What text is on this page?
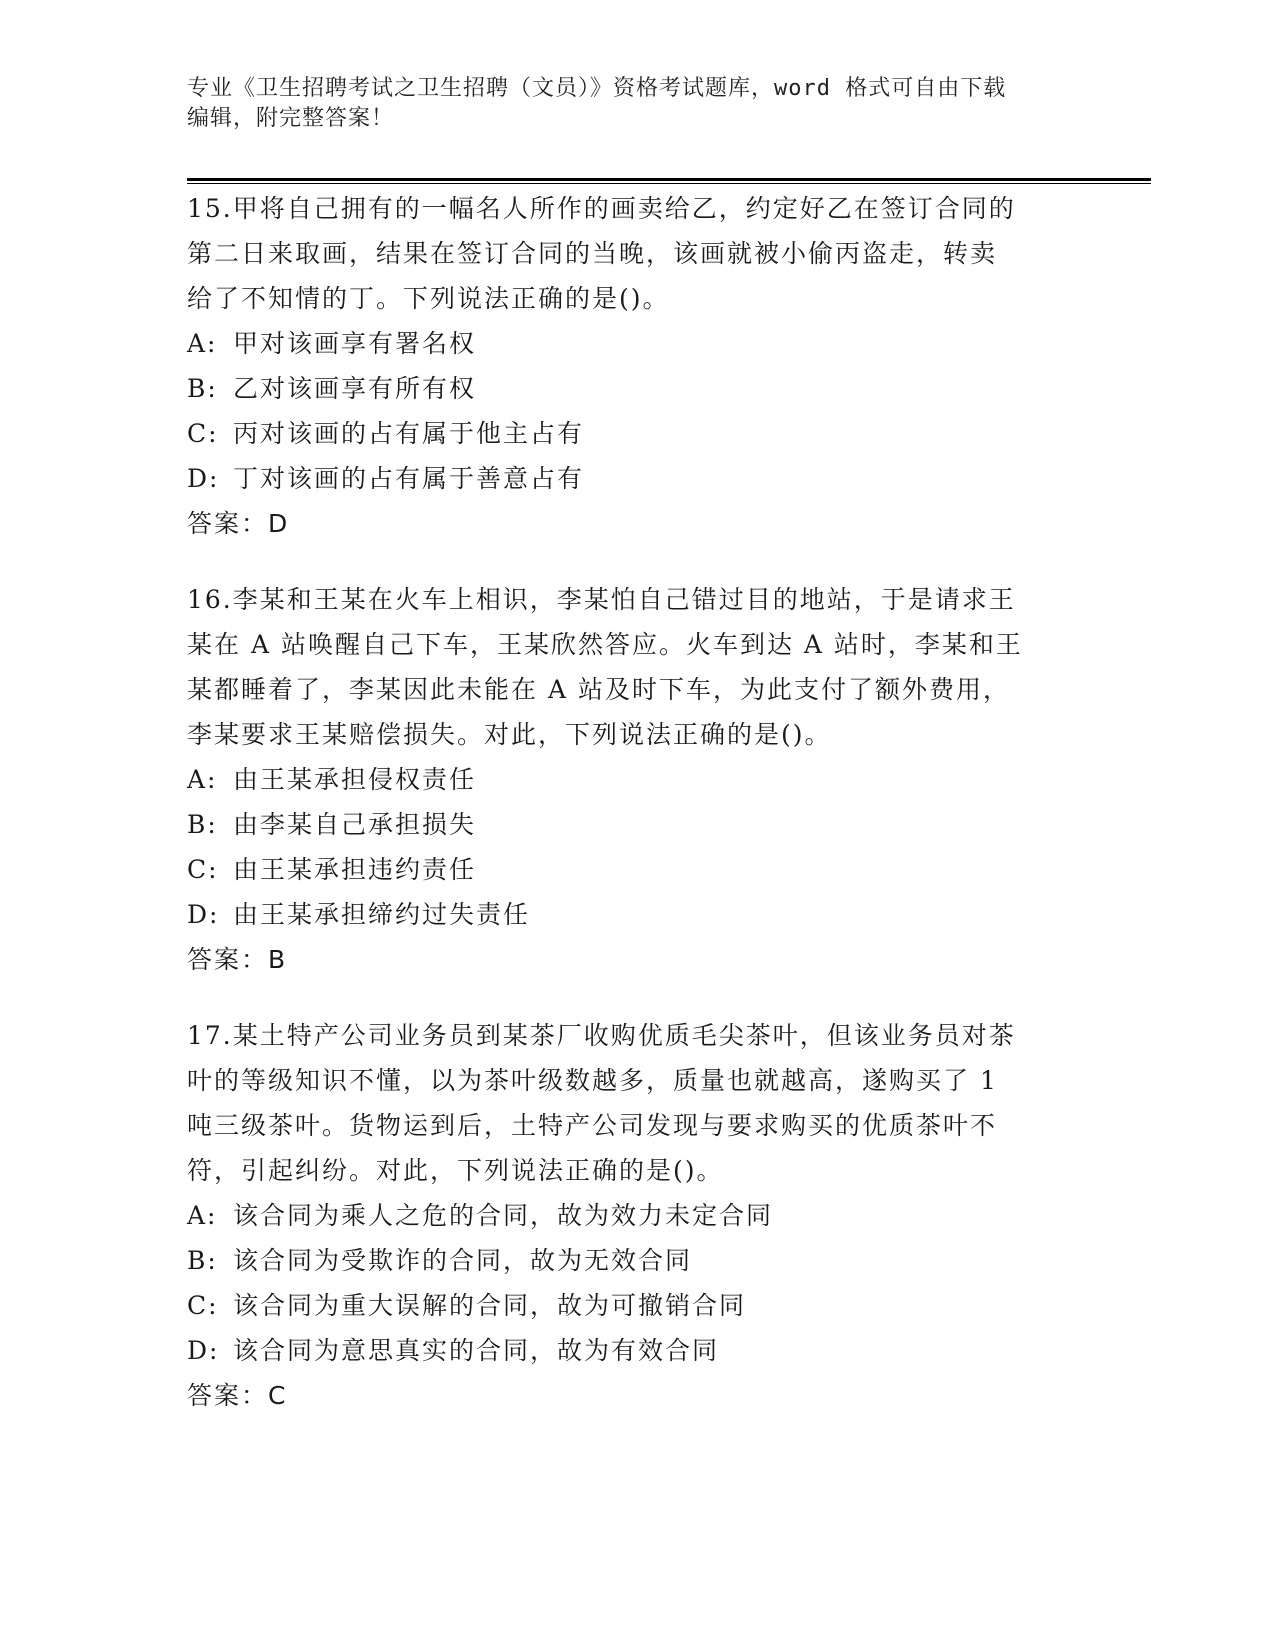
专业《卫生招聘考试之卫生招聘（文员）》资格考试题库，word 格式可自由下载
编辑，附完整答案！
15.甲将自己拥有的一幅名人所作的画卖给乙，约定好乙在签订合同的
第二日来取画，结果在签订合同的当晚，该画就被小偷丙盗走，转卖
给了不知情的丁。下列说法正确的是()。
A: 甲对该画享有署名权
B: 乙对该画享有所有权
C: 丙对该画的占有属于他主占有
D: 丁对该画的占有属于善意占有
答案：D
16.李某和王某在火车上相识，李某怕自己错过目的地站，于是请求王
某在 A 站唤醒自己下车，王某欣然答应。火车到达 A 站时，李某和王
某都睡着了，李某因此未能在 A 站及时下车，为此支付了额外费用，
李某要求王某赔偿损失。对此，下列说法正确的是()。
A: 由王某承担侵权责任
B: 由李某自己承担损失
C: 由王某承担违约责任
D: 由王某承担缔约过失责任
答案：B
17.某土特产公司业务员到某茶厂收购优质毛尖茶叶，但该业务员对茶
叶的等级知识不懂，以为茶叶级数越多，质量也就越高，遂购买了 1
吨三级茶叶。货物运到后，土特产公司发现与要求购买的优质茶叶不
符，引起纠纷。对此，下列说法正确的是()。
A: 该合同为乘人之危的合同，故为效力未定合同
B: 该合同为受欺诈的合同，故为无效合同
C: 该合同为重大误解的合同，故为可撤销合同
D: 该合同为意思真实的合同，故为有效合同
答案：C
